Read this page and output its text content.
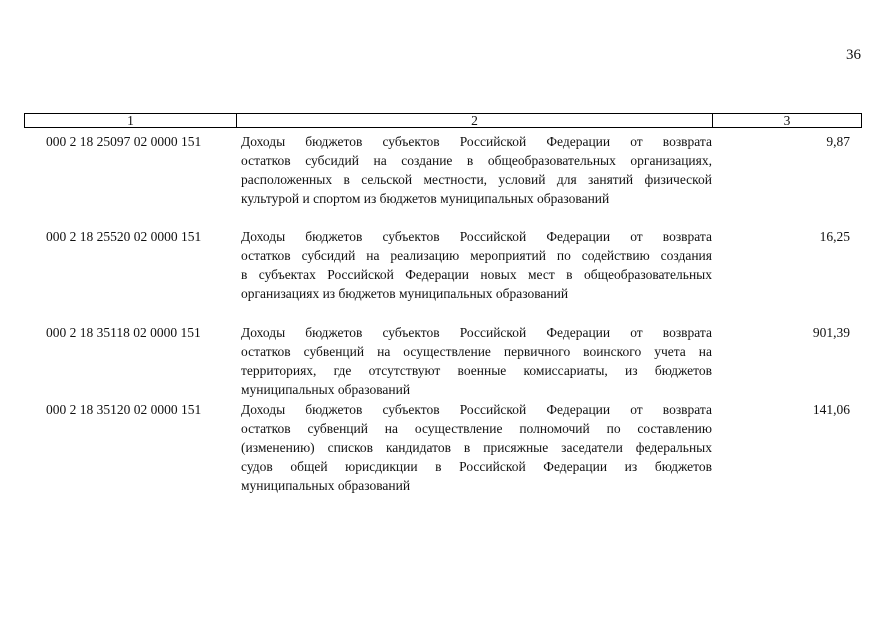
36
1	2	3
000 2 18 25097 02 0000 151	Доходы бюджетов субъектов Российской Федерации от возврата
остатков субсидий на создание в общеобразовательных организациях,
расположенных в сельской местности, условий для занятий физической
культурой и спортом из бюджетов муниципальных образований
9,87
000 2 18 25520 02 0000 151	Доходы бюджетов субъектов Российской Федерации от возврата
остатков субсидий на реализацию мероприятий по содействию создания
в субъектах Российской Федерации новых мест в общеобразовательных
организациях из бюджетов муниципальных образований
16,25
000 2 18 35118 02 0000 151	Доходы бюджетов субъектов Российской Федерации от возврата
остатков субвенций на осуществление первичного воинского учета на
территориях, где отсутствуют военные комиссариаты, из бюджетов
муниципальных образований
901,39
000 2 18 35120 02 0000 151	Доходы бюджетов субъектов Российской Федерации от возврата
остатков субвенций на осуществление полномочий по составлению
(изменению) списков кандидатов в присяжные заседатели федеральных
судов общей юрисдикции в Российской Федерации из бюджетов
муниципальных образований
141,06
